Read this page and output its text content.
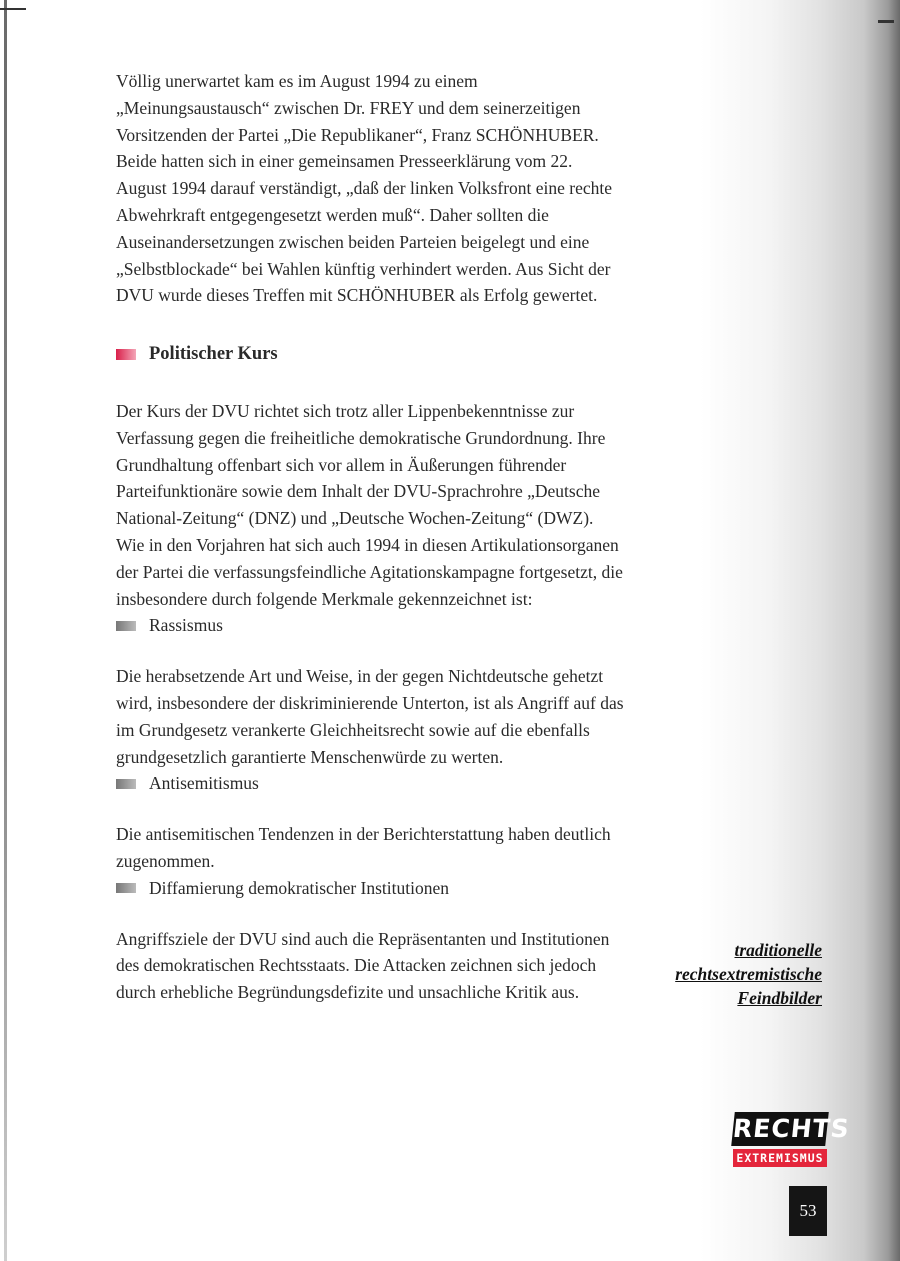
Völlig unerwartet kam es im August 1994 zu einem „Meinungsaustausch“ zwischen Dr. FREY und dem seinerzeitigen Vorsitzenden der Partei „Die Republikaner“, Franz SCHÖNHUBER. Beide hatten sich in einer gemeinsamen Presseerklärung vom 22. August 1994 darauf verständigt, „daß der linken Volksfront eine rechte Abwehrkraft entgegengesetzt werden muß“. Daher sollten die Auseinandersetzungen zwischen beiden Parteien beigelegt und eine „Selbstblockade“ bei Wahlen künftig verhindert werden. Aus Sicht der DVU wurde dieses Treffen mit SCHÖNHUBER als Erfolg gewertet.

Politischer Kurs

Der Kurs der DVU richtet sich trotz aller Lippenbekenntnisse zur Verfassung gegen die freiheitliche demokratische Grundordnung. Ihre Grundhaltung offenbart sich vor allem in Äußerungen führender Parteifunktionäre sowie dem Inhalt der DVU-Sprachrohre „Deutsche National-Zeitung“ (DNZ) und „Deutsche Wochen-Zeitung“ (DWZ). Wie in den Vorjahren hat sich auch 1994 in diesen Artikulationsorganen der Partei die verfassungsfeindliche Agitationskampagne fortgesetzt, die insbesondere durch folgende Merkmale gekennzeichnet ist:

Rassismus

Die herabsetzende Art und Weise, in der gegen Nichtdeutsche gehetzt wird, insbesondere der diskriminierende Unterton, ist als Angriff auf das im Grundgesetz verankerte Gleichheitsrecht sowie auf die ebenfalls grundgesetzlich garantierte Menschenwürde zu werten.

Antisemitismus

Die antisemitischen Tendenzen in der Berichterstattung haben deutlich zugenommen.

Diffamierung demokratischer Institutionen

Angriffsziele der DVU sind auch die Repräsentanten und Institutionen des demokratischen Rechtsstaats. Die Attacken zeichnen sich jedoch durch erhebliche Begründungsdefizite und unsachliche Kritik aus.

traditionelle
rechtsextremistische
Feindbilder
RECHTS
EXTREMISMUS
53
